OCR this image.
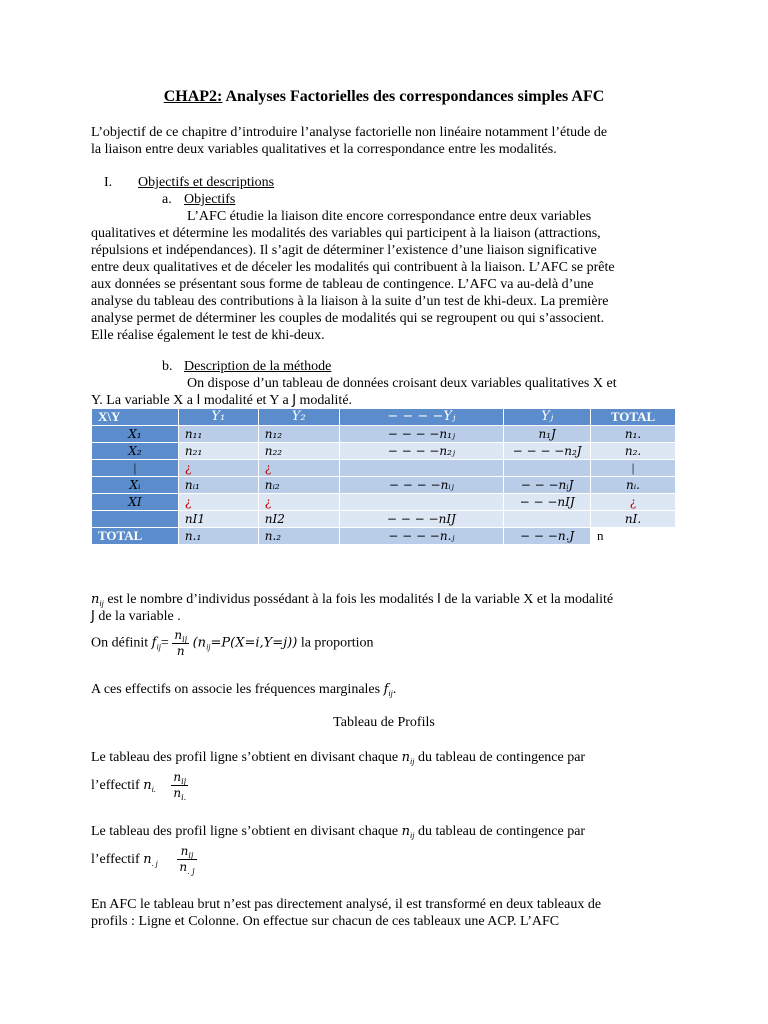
CHAP2: Analyses Factorielles des correspondances simples AFC
L’objectif de ce chapitre d’introduire l’analyse factorielle non linéaire notamment l’étude de
la liaison entre deux variables qualitatives et la correspondance entre les modalités.
I. Objectifs et descriptions
a. Objectifs
L’AFC étudie la liaison dite encore correspondance entre deux variables
qualitatives et détermine les modalités des variables qui participent à la liaison (attractions,
répulsions et indépendances). Il s’agit de déterminer l’existence d’une liaison significative
entre deux qualitatives et de déceler les modalités qui contribuent à la liaison. L’AFC se prête
aux données se présentant sous forme de tableau de contingence. L’AFC va au-delà d’une
analyse du tableau des contributions à la liaison à la suite d’un test de khi-deux. La première
analyse permet de déterminer les couples de modalités qui se regroupent ou qui s’associent.
Elle réalise également le test de khi-deux.
b. Description de la méthode
On dispose d’un tableau de données croisant deux variables qualitatives X et
Y. La variable X a I modalité et Y a J modalité.
X\Y	Y₁	Y₂	− − − −Yⱼ	Yⱼ	TOTAL
X₁	n₁₁	n₁₂	− − − −n₁ⱼ	n₁J	n₁.
X₂	n₂₁	n₂₂	− − − −n₂ⱼ	− − − −n₂J	n₂.
|	¿	¿			|
Xᵢ	nᵢ₁	nᵢ₂	− − − −nᵢⱼ	− − −nᵢJ	nᵢ.
XI	¿	¿		− − −nIJ	¿
	nI1	nI2	− − − −nIJ		nI.
TOTAL	n.₁	n.₂	− − − −n.ⱼ	− − −n.J	n
$n_{ij}$ est le nombre d’individus possédant à la fois les modalités I de la variable X et la modalité
J de la variable .
On définit $f_{ij}= \frac{n_{ij}}{n} (n_{ij}=P(X=i,Y=j))$ la proportion
A ces effectifs on associe les fréquences marginales $f_{ij}$.
Tableau de Profils
Le tableau des profil ligne s’obtient en divisant chaque $n_{ij}$ du tableau de contingence par
l’effectif $n_{i.} \frac{n_{ij}}{n_{i.}}$
Le tableau des profil ligne s’obtient en divisant chaque $n_{ij}$ du tableau de contingence par
l’effectif $n_{. j} \frac{n_{ij}}{n_{. j}}$
En AFC le tableau brut n’est pas directement analysé, il est transformé en deux tableaux de
profils : Ligne et Colonne. On effectue sur chacun de ces tableaux une ACP. L’AFC
